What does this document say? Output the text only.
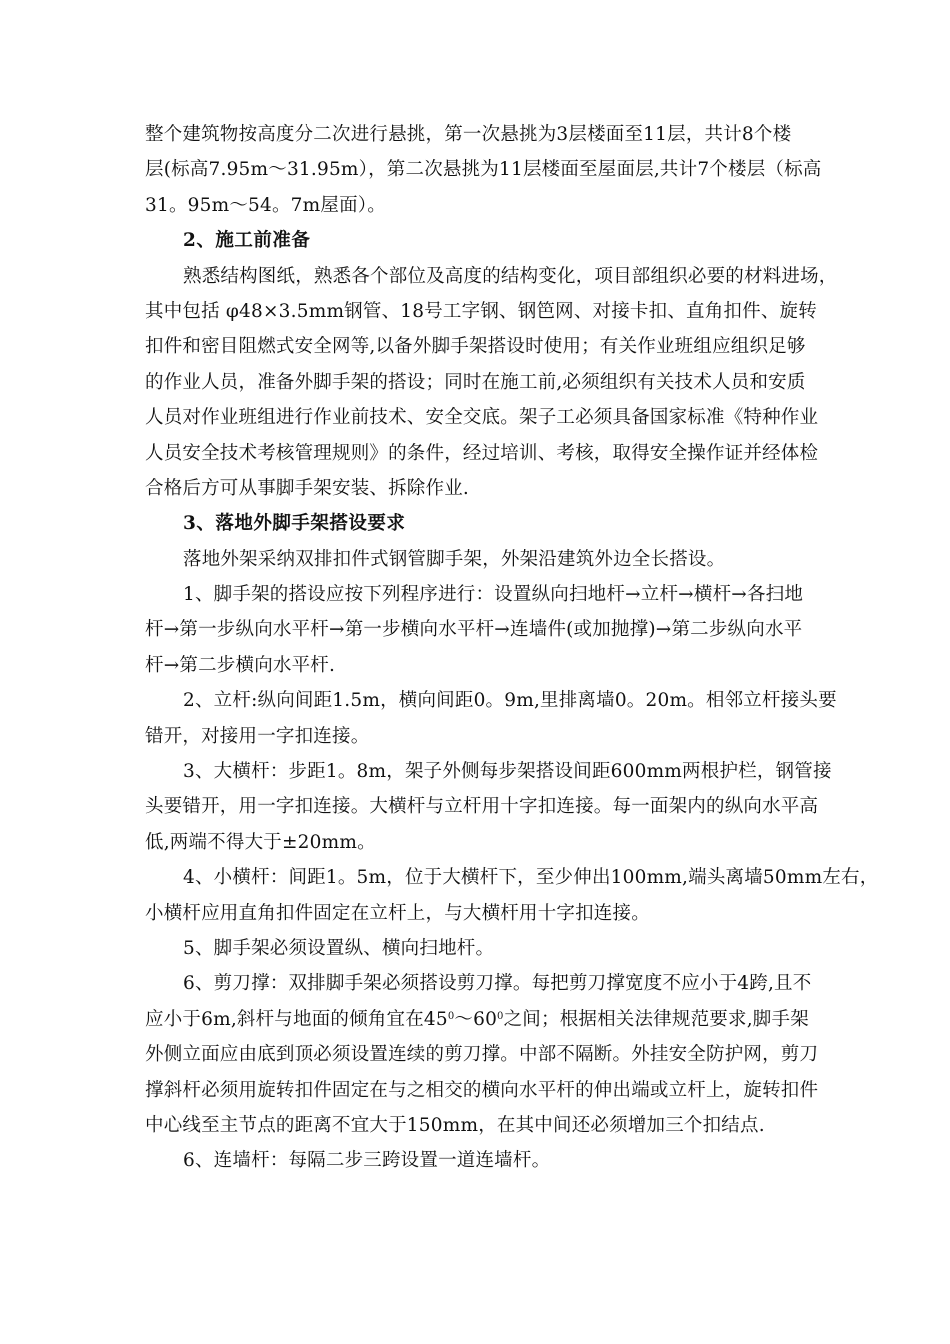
整个建筑物按高度分二次进行悬挑，第一次悬挑为3层楼面至11层，共计8个楼
层(标高7.95m～31.95m），第二次悬挑为11层楼面至屋面层,共计7个楼层（标高
31。95m～54。7m屋面）。
2、施工前准备
熟悉结构图纸，熟悉各个部位及高度的结构变化，项目部组织必要的材料进场，
其中包括 φ48×3.5mm钢管、18号工字钢、钢笆网、对接卡扣、直角扣件、旋转
扣件和密目阻燃式安全网等,以备外脚手架搭设时使用；有关作业班组应组织足够
的作业人员，准备外脚手架的搭设；同时在施工前,必须组织有关技术人员和安质
人员对作业班组进行作业前技术、安全交底。架子工必须具备国家标准《特种作业
人员安全技术考核管理规则》的条件，经过培训、考核，取得安全操作证并经体检
合格后方可从事脚手架安装、拆除作业.
3、落地外脚手架搭设要求
落地外架采纳双排扣件式钢管脚手架，外架沿建筑外边全长搭设。
1、脚手架的搭设应按下列程序进行：设置纵向扫地杆→立杆→横杆→各扫地
杆→第一步纵向水平杆→第一步横向水平杆→连墙件(或加抛撑)→第二步纵向水平
杆→第二步横向水平杆.
2、立杆:纵向间距1.5m，横向间距0。9m,里排离墙0。20m。相邻立杆接头要
错开，对接用一字扣连接。
3、大横杆：步距1。8m，架子外侧每步架搭设间距600mm两根护栏，钢管接
头要错开，用一字扣连接。大横杆与立杆用十字扣连接。每一面架内的纵向水平高
低,两端不得大于±20mm。
4、小横杆：间距1。5m，位于大横杆下，至少伸出100mm,端头离墙50mm左右，
小横杆应用直角扣件固定在立杆上，与大横杆用十字扣连接。
5、脚手架必须设置纵、横向扫地杆。
6、剪刀撑：双排脚手架必须搭设剪刀撑。每把剪刀撑宽度不应小于4跨,且不
应小于6m,斜杆与地面的倾角宜在$45^0\sim 60^0$之间；根据相关法律规范要求,脚手架
外侧立面应由底到顶必须设置连续的剪刀撑。中部不隔断。外挂安全防护网，剪刀
撑斜杆必须用旋转扣件固定在与之相交的横向水平杆的伸出端或立杆上，旋转扣件
中心线至主节点的距离不宜大于150mm，在其中间还必须增加三个扣结点.
6、连墙杆：每隔二步三跨设置一道连墙杆。
